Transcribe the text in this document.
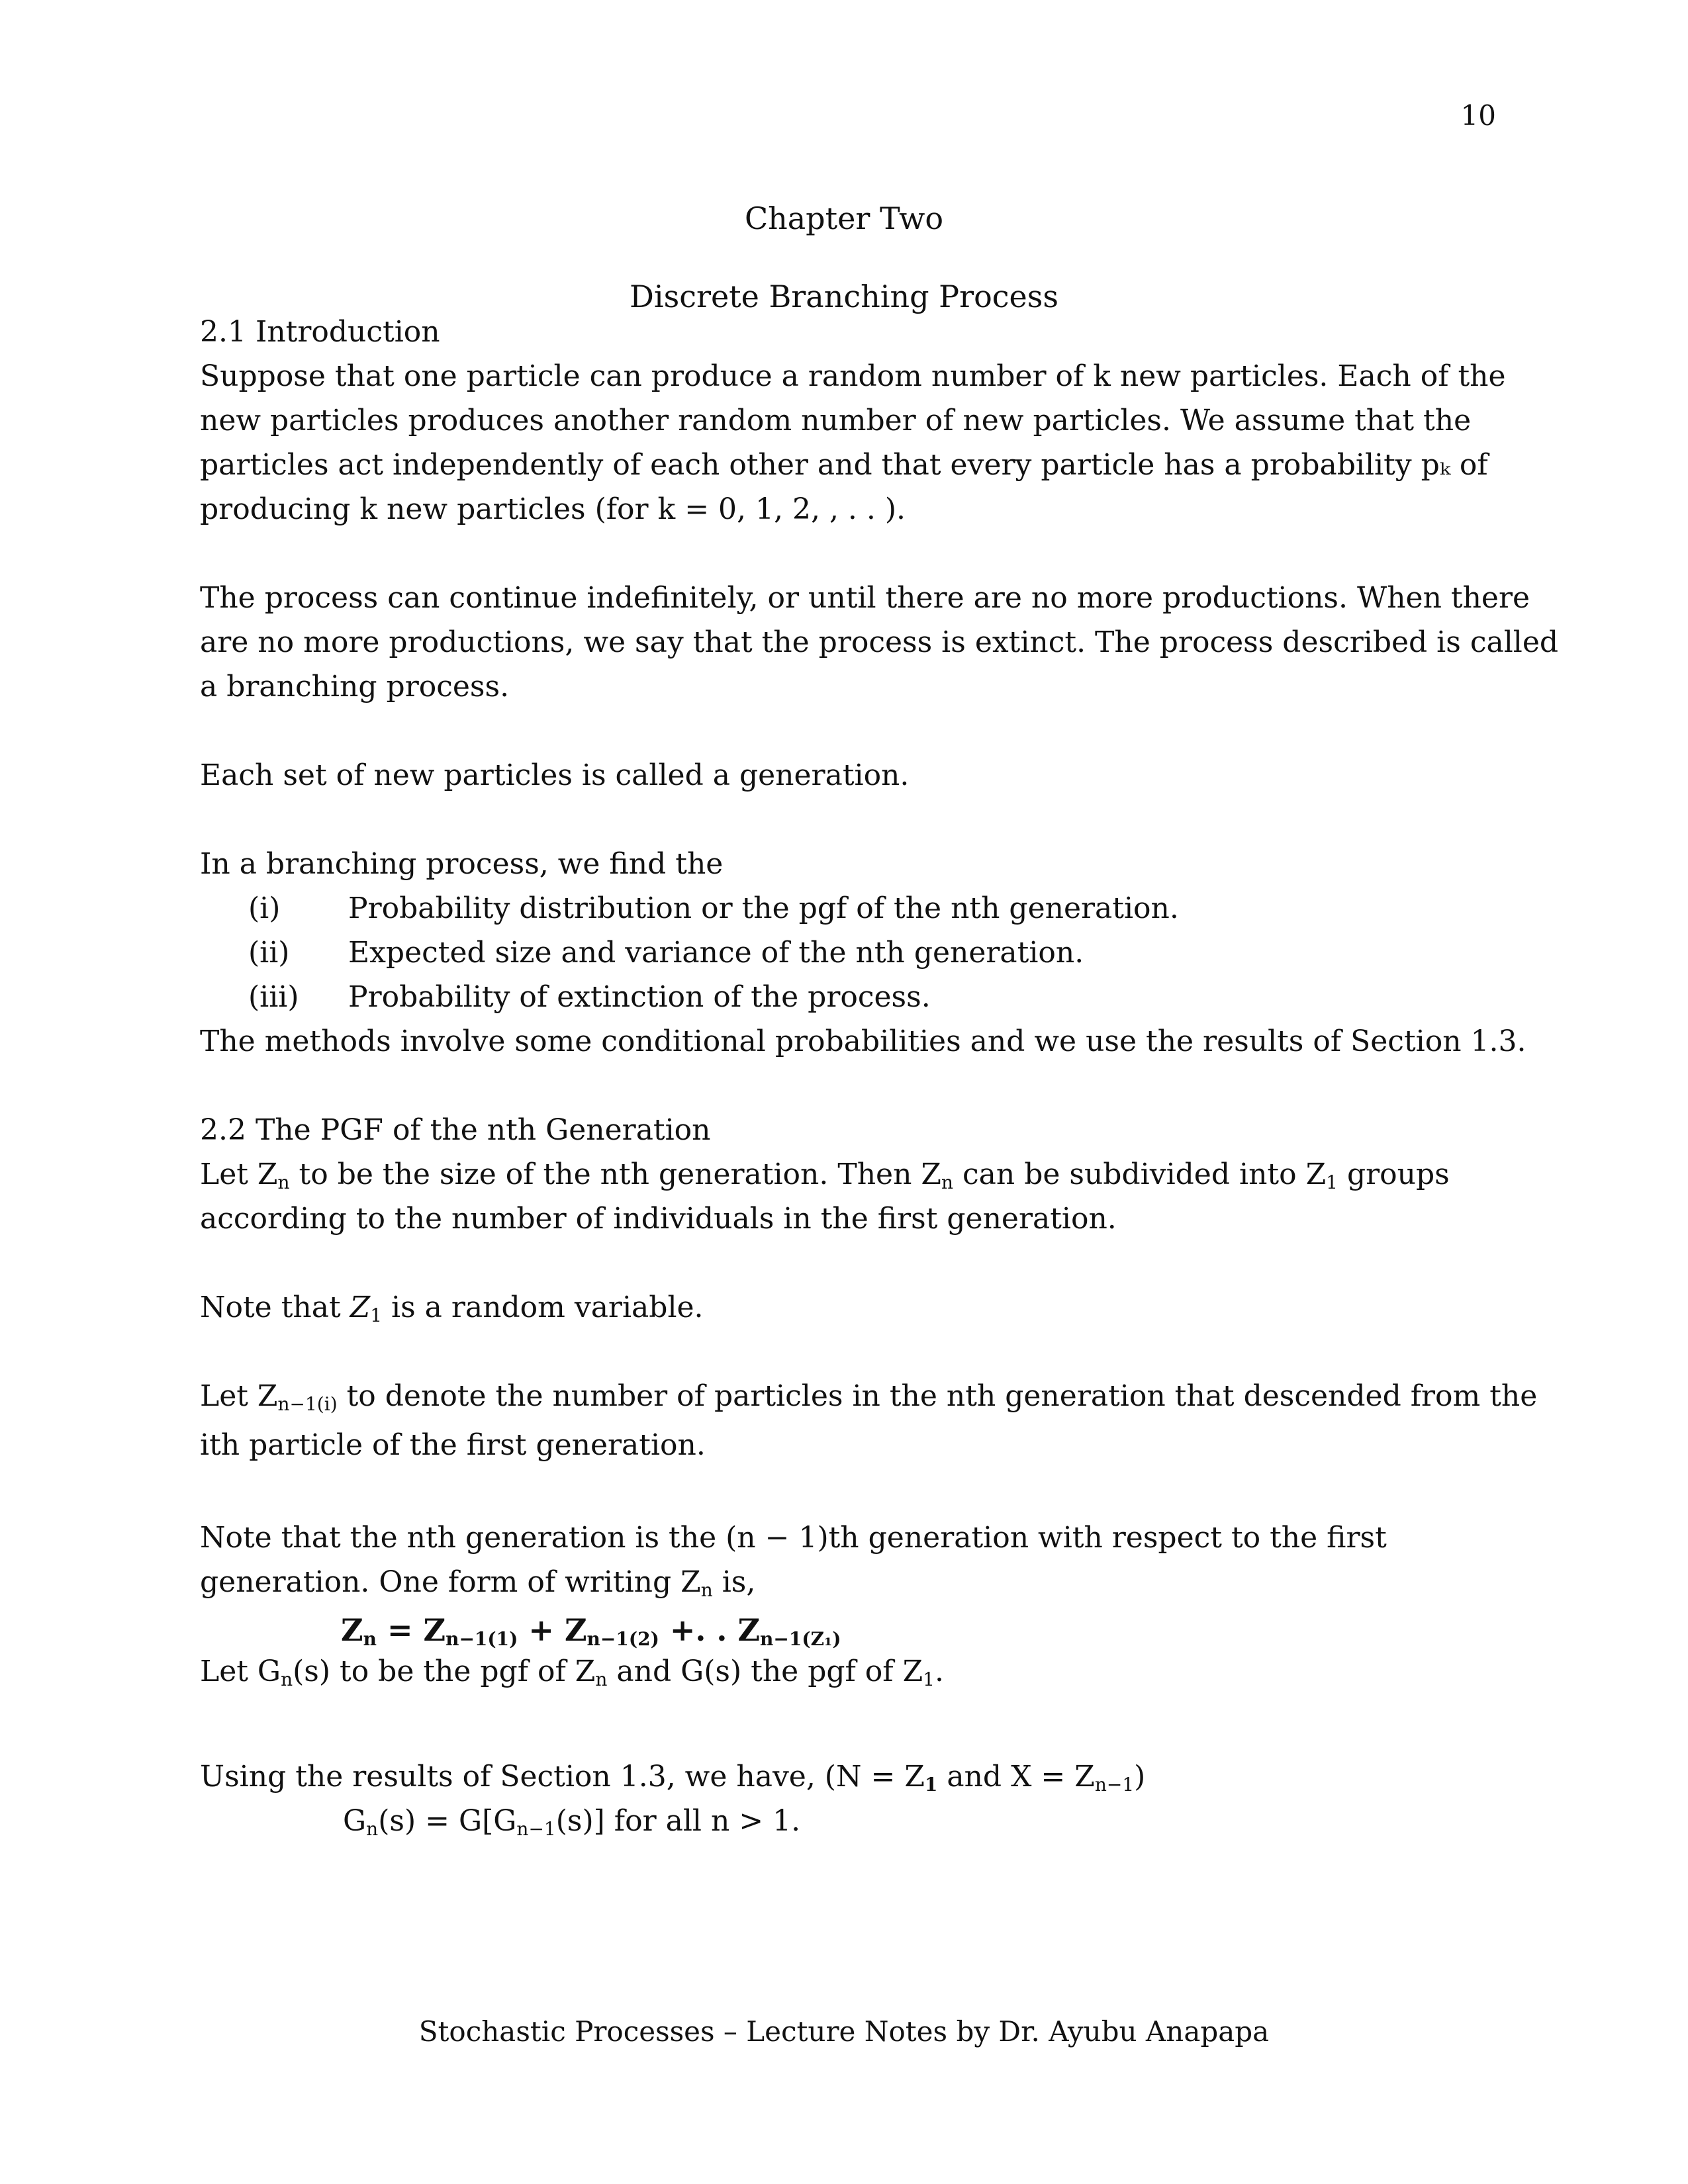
10
Chapter Two
Discrete Branching Process
2.1 Introduction
Suppose that one particle can produce a random number of k new particles. Each of the
new particles produces another random number of new particles. We assume that the
particles act independently of each other and that every particle has a probability pₖ of
producing k new particles (for k = 0, 1, 2, , . . ).
The process can continue indefinitely, or until there are no more productions. When there
are no more productions, we say that the process is extinct. The process described is called
a branching process.
Each set of new particles is called a generation.
In a branching process, we find the
(i) Probability distribution or the pgf of the nth generation.
(ii) Expected size and variance of the nth generation.
(iii) Probability of extinction of the process.
The methods involve some conditional probabilities and we use the results of Section 1.3.
2.2 The PGF of the nth Generation
Let $Z_n$ to be the size of the nth generation. Then $Z_n$ can be subdivided into $Z_1$ groups
according to the number of individuals in the first generation.
Note that $Z_1$ is a random variable.
Let $Z_{n-1(i)}$ to denote the number of particles in the nth generation that descended from the
ith particle of the first generation.
Note that the nth generation is the (n − 1)th generation with respect to the first
generation. One form of writing $Z_n$ is,
$Z_n = Z_{n-1(1)} + Z_{n-1(2)}$ +. . $Z_{n-1(Z_1)}$
Let $G_n(s)$ to be the pgf of $Z_n$ and G(s) the pgf of $Z_1$.
Using the results of Section 1.3, we have, ($N = Z_1$ and $X = Z_{n-1}$)
$G_n(s) = G[G_{n-1}(s)]$ for all n > 1.
Stochastic Processes – Lecture Notes by Dr. Ayubu Anapapa
